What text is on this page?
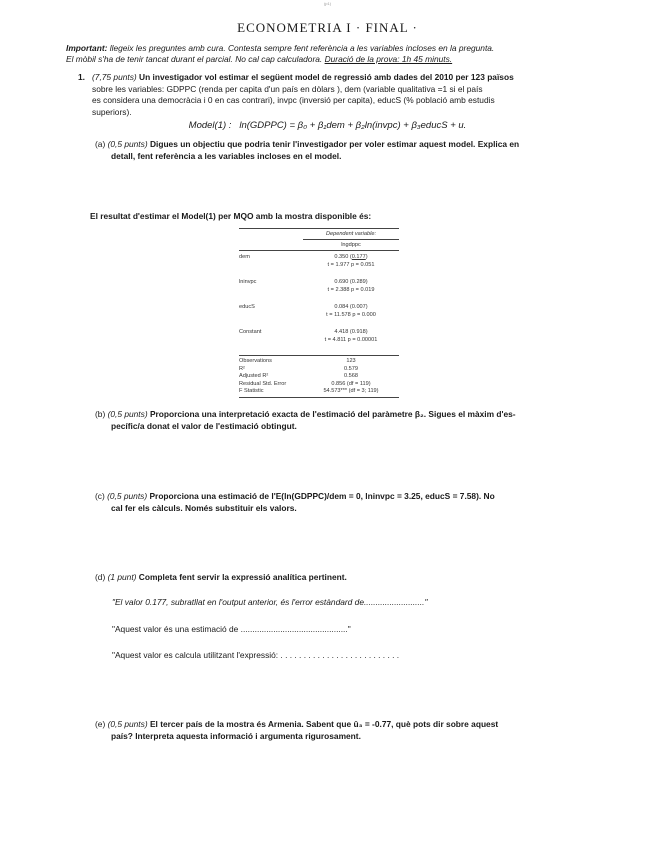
(p1)
ECONOMETRIA I · FINAL ·
Important: llegeix les preguntes amb cura. Contesta sempre fent referència a les variables incloses en la pregunta.
El mòbil s'ha de tenir tancat durant el parcial. No cal cap calculadora. Duració de la prova: 1h 45 minuts.
1. (7,75 punts) Un investigador vol estimar el següent model de regressió amb dades del 2010 per 123 països
sobre les variables: GDPPC (renda per capita d'un país en dòlars ), dem (variable qualitativa =1 si el país
es considera una democràcia i 0 en cas contrari), invpc (inversió per capita), educS (% població amb estudis
superiors).
Model(1) : ln(GDPPC) = β₀ + β₁dem + β₂ln(invpc) + β₃educS + u.
(a) (0,5 punts) Digues un objectiu que podria tenir l'investigador per voler estimar aquest model. Explica en
detall, fent referència a les variables incloses en el model.
El resultat d'estimar el Model(1) per MQO amb la mostra disponible és:
Dependent variable:
lngdppc
dem	0.350 (0.177)
t = 1.977 p = 0.051
lninvpc	0.690 (0.289)
t = 2.388 p = 0.019
educS	0.084 (0.007)
t = 11.578 p = 0.000
Constant	4.418 (0.918)
t = 4.811 p = 0.00001
Observations	123
R²	0.579
Adjusted R²	0.568
Residual Std. Error	0.856 (df = 119)
F Statistic	54.573*** (df = 3; 119)
(b) (0,5 punts) Proporciona una interpretació exacta de l'estimació del paràmetre β₂. Sigues el màxim d'es-
pecífic/a donat el valor de l'estimació obtingut.
(c) (0,5 punts) Proporciona una estimació de l'E(ln(GDPPC)/dem = 0, lninvpc = 3.25, educS = 7.58). No
cal fer els càlculs. Només substituir els valors.
(d) (1 punt) Completa fent servir la expressió analítica pertinent.
"El valor 0.177, subratllat en l'output anterior, és l'error estàndard de.........................."
"Aquest valor és una estimació de .............................................."
"Aquest valor es calcula utilitzant l'expressió: . . . . . . . . . . . . . . . . . . . . . . . . . .
(e) (0,5 punts) El tercer país de la mostra és Armenia. Sabent que û₃ = -0.77, què pots dir sobre aquest
país? Interpreta aquesta informació i argumenta rigurosament.
